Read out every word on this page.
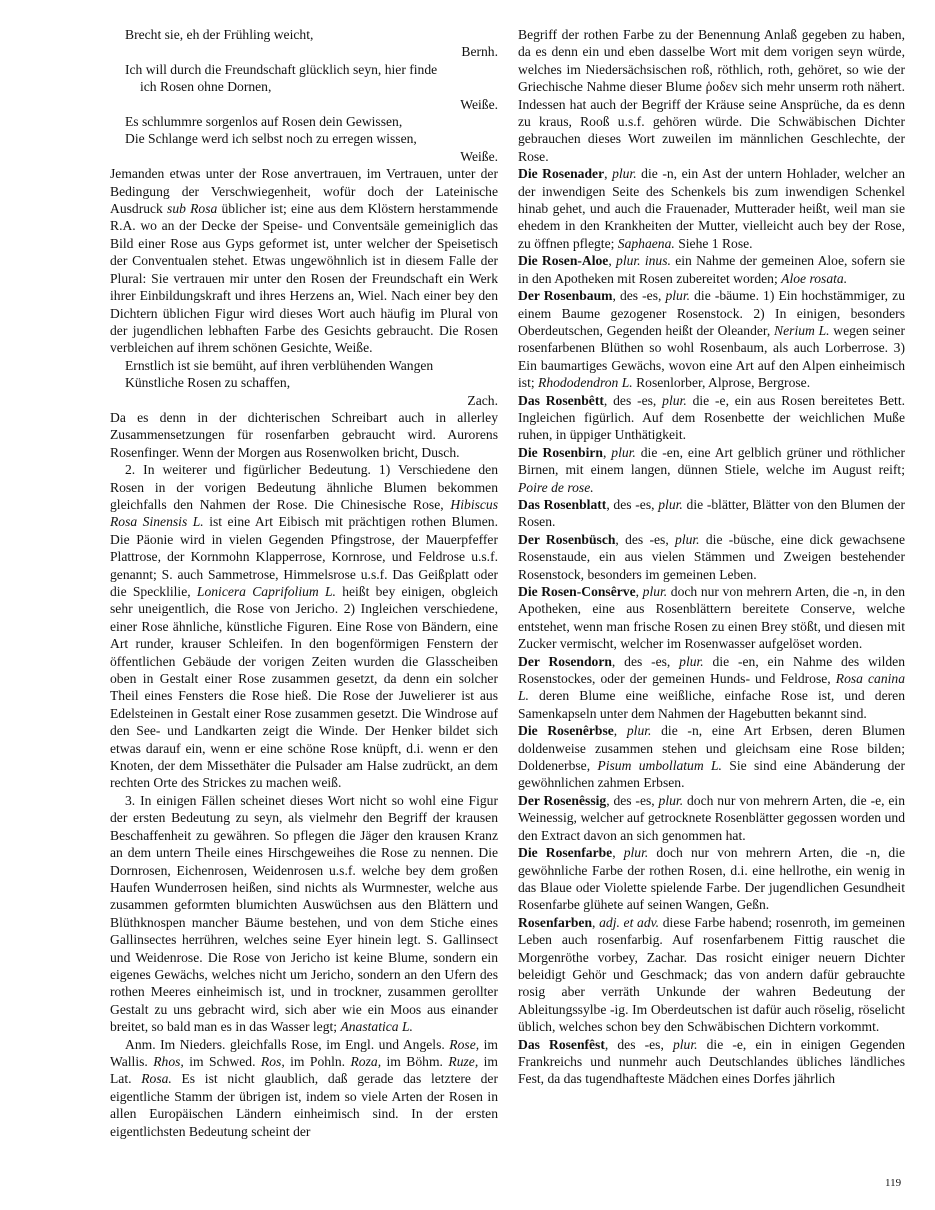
Brecht sie, eh der Frühling weicht,
Bernh.
Ich will durch die Freundschaft glücklich seyn, hier finde
ich Rosen ohne Dornen,
Weiße.
Es schlummre sorgenlos auf Rosen dein Gewissen,
Die Schlange werd ich selbst noch zu erregen wissen,
Weiße.

Jemanden etwas unter der Rose anvertrauen, im Vertrauen, unter der Bedingung der Verschwiegenheit, wofür doch der Lateinische Ausdruck sub Rosa üblicher ist; eine aus dem Klöstern herstammende R.A. wo an der Decke der Speise- und Conventsäle gemeiniglich das Bild einer Rose aus Gyps geformet ist, unter welcher der Speisetisch der Conventualen stehet. Etwas ungewöhnlich ist in diesem Falle der Plural: Sie vertrauen mir unter den Rosen der Freundschaft ein Werk ihrer Einbildungskraft und ihres Herzens an, Wiel. Nach einer bey den Dichtern üblichen Figur wird dieses Wort auch häufig im Plural von der jugendlichen lebhaften Farbe des Gesichts gebraucht. Die Rosen verbleichen auf ihrem schönen Gesichte, Weiße.

Ernstlich ist sie bemüht, auf ihren verblühenden Wangen
Künstliche Rosen zu schaffen,
Zach.

Da es denn in der dichterischen Schreibart auch in allerley Zusammensetzungen für rosenfarben gebraucht wird. Aurorens Rosenfinger. Wenn der Morgen aus Rosenwolken bricht, Dusch.

2. In weiterer und figürlicher Bedeutung. 1) Verschiedene den Rosen in der vorigen Bedeutung ähnliche Blumen bekommen gleichfalls den Nahmen der Rose. Die Chinesische Rose, Hibiscus Rosa Sinensis L. ist eine Art Eibisch mit prächtigen rothen Blumen. Die Päonie wird in vielen Gegenden Pfingstrose, der Mauerpfeffer Plattrose, der Kornmohn Klapperrose, Kornrose, und Feldrose u.s.f. genannt; S. auch Sammetrose, Himmelsrose u.s.f. Das Geißplatt oder die Specklilie, Lonicera Caprifolium L. heißt bey einigen, obgleich sehr uneigentlich, die Rose von Jericho. 2) Ingleichen verschiedene, einer Rose ähnliche, künstliche Figuren. Eine Rose von Bändern, eine Art runder, krauser Schleifen. In den bogenförmigen Fenstern der öffentlichen Gebäude der vorigen Zeiten wurden die Glasscheiben oben in Gestalt einer Rose zusammen gesetzt, da denn ein solcher Theil eines Fensters die Rose hieß. Die Rose der Juwelierer ist aus Edelsteinen in Gestalt einer Rose zusammen gesetzt. Die Windrose auf den See- und Landkarten zeigt die Winde. Der Henker bildet sich etwas darauf ein, wenn er eine schöne Rose knüpft, d.i. wenn er den Knoten, der dem Missethäter die Pulsader am Halse zudrückt, an dem rechten Orte des Strickes zu machen weiß.

3. In einigen Fällen scheinet dieses Wort nicht so wohl eine Figur der ersten Bedeutung zu seyn, als vielmehr den Begriff der krausen Beschaffenheit zu gewähren. So pflegen die Jäger den krausen Kranz an dem untern Theile eines Hirschgeweihes die Rose zu nennen. Die Dornrosen, Eichenrosen, Weidenrosen u.s.f. welche bey dem großen Haufen Wunderrosen heißen, sind nichts als Wurmnester, welche aus zusammen geformten blumichten Auswüchsen aus den Blättern und Blüthknospen mancher Bäume bestehen, und von dem Stiche eines Gallinsectes herrühren, welches seine Eyer hinein legt. S. Gallinsect und Weidenrose. Die Rose von Jericho ist keine Blume, sondern ein eigenes Gewächs, welches nicht um Jericho, sondern an den Ufern des rothen Meeres einheimisch ist, und in trockner, zusammen gerollter Gestalt zu uns gebracht wird, sich aber wie ein Moos aus einander breitet, so bald man es in das Wasser legt; Anastatica L.

Anm. Im Nieders. gleichfalls Rose, im Engl. und Angels. Rose, im Wallis. Rhos, im Schwed. Ros, im Pohln. Roza, im Böhm. Ruze, im Lat. Rosa. Es ist nicht glaublich, daß gerade das letztere der eigentliche Stamm der übrigen ist, indem so viele Arten der Rosen in allen Europäischen Ländern einheimisch sind. In der ersten eigentlichsten Bedeutung scheint der

Begriff der rothen Farbe zu der Benennung Anlaß gegeben zu haben, da es denn ein und eben dasselbe Wort mit dem vorigen seyn würde, welches im Niedersächsischen roß, röthlich, roth, gehöret, so wie der Griechische Nahme dieser Blume ῥοδεν sich mehr unserm roth nähert. Indessen hat auch der Begriff der Kräuse seine Ansprüche, da es denn zu kraus, Rooß u.s.f. gehören würde. Die Schwäbischen Dichter gebrauchen dieses Wort zuweilen im männlichen Geschlechte, der Rose.

Die Rosenader, plur. die -n, ein Ast der untern Hohlader, welcher an der inwendigen Seite des Schenkels bis zum inwendigen Schenkel hinab gehet, und auch die Frauenader, Mutterader heißt, weil man sie ehedem in den Krankheiten der Mutter, vielleicht auch bey der Rose, zu öffnen pflegte; Saphaena. Siehe 1 Rose.

Die Rosen-Aloe, plur. inus. ein Nahme der gemeinen Aloe, sofern sie in den Apotheken mit Rosen zubereitet worden; Aloe rosata.

Der Rosenbaum, des -es, plur. die -bäume. 1) Ein hochstämmiger, zu einem Baume gezogener Rosenstock. 2) In einigen, besonders Oberdeutschen, Gegenden heißt der Oleander, Nerium L. wegen seiner rosenfarbenen Blüthen so wohl Rosenbaum, als auch Lorberrose. 3) Ein baumartiges Gewächs, wovon eine Art auf den Alpen einheimisch ist; Rhododendron L. Rosenlorber, Alprose, Bergrose.

Das Rosenbêtt, des -es, plur. die -e, ein aus Rosen bereitetes Bett. Ingleichen figürlich. Auf dem Rosenbette der weichlichen Muße ruhen, in üppiger Unthätigkeit.

Die Rosenbirn, plur. die -en, eine Art gelblich grüner und röthlicher Birnen, mit einem langen, dünnen Stiele, welche im August reift; Poire de rose.

Das Rosenblatt, des -es, plur. die -blätter, Blätter von den Blumen der Rosen.

Der Rosenbüsch, des -es, plur. die -büsche, eine dick gewachsene Rosenstaude, ein aus vielen Stämmen und Zweigen bestehender Rosenstock, besonders im gemeinen Leben.

Die Rosen-Consêrve, plur. doch nur von mehrern Arten, die -n, in den Apotheken, eine aus Rosenblättern bereitete Conserve, welche entstehet, wenn man frische Rosen zu einen Brey stößt, und diesen mit Zucker vermischt, welcher im Rosenwasser aufgelöset worden.

Der Rosendorn, des -es, plur. die -en, ein Nahme des wilden Rosenstockes, oder der gemeinen Hunds- und Feldrose, Rosa canina L. deren Blume eine weißliche, einfache Rose ist, und deren Samenkapseln unter dem Nahmen der Hagebutten bekannt sind.

Die Rosenêrbse, plur. die -n, eine Art Erbsen, deren Blumen doldenweise zusammen stehen und gleichsam eine Rose bilden; Doldenerbse, Pisum umbollatum L. Sie sind eine Abänderung der gewöhnlichen zahmen Erbsen.

Der Rosenêssig, des -es, plur. doch nur von mehrern Arten, die -e, ein Weinessig, welcher auf getrocknete Rosenblätter gegossen worden und den Extract davon an sich genommen hat.

Die Rosenfarbe, plur. doch nur von mehrern Arten, die -n, die gewöhnliche Farbe der rothen Rosen, d.i. eine hellrothe, ein wenig in das Blaue oder Violette spielende Farbe. Der jugendlichen Gesundheit Rosenfarbe glühete auf seinen Wangen, Geßn.

Rosenfarben, adj. et adv. diese Farbe habend; rosenroth, im gemeinen Leben auch rosenfarbig. Auf rosenfarbenem Fittig rauschet die Morgenröthe vorbey, Zachar. Das rosicht einiger neuern Dichter beleidigt Gehör und Geschmack; das von andern dafür gebrauchte rosig aber verräth Unkunde der wahren Bedeutung der Ableitungssylbe -ig. Im Oberdeutschen ist dafür auch röselig, röselicht üblich, welches schon bey den Schwäbischen Dichtern vorkommt.

Das Rosenfêst, des -es, plur. die -e, ein in einigen Gegenden Frankreichs und nunmehr auch Deutschlandes übliches ländliches Fest, da das tugendhafteste Mädchen eines Dorfes jährlich

119
